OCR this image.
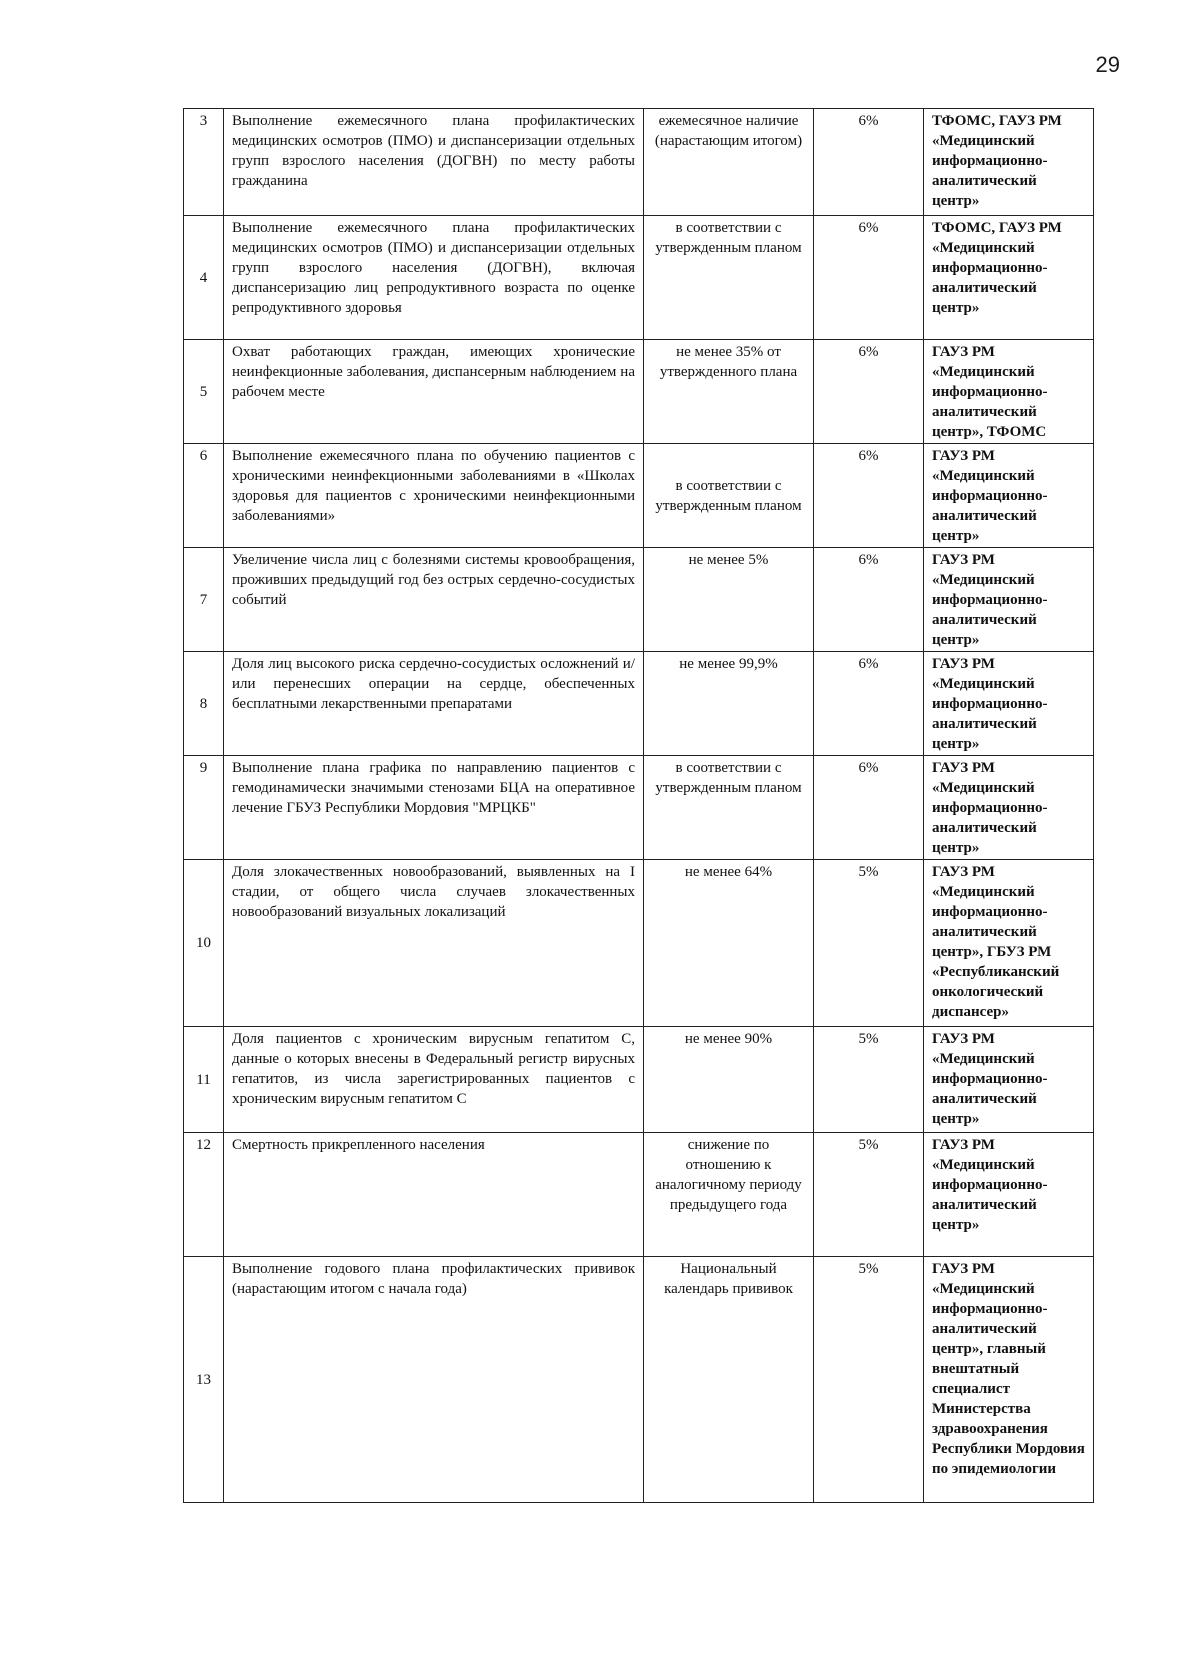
29
3	Выполнение ежемесячного плана профилактических медицинских осмотров (ПМО) и диспансеризации отдельных групп взрослого населения (ДОГВН) по месту работы гражданина	ежемесячное наличие (нарастающим итогом)	6%	ТФОМС, ГАУЗ РМ «Медицинский информационно-аналитический центр»
4	Выполнение ежемесячного плана профилактических медицинских осмотров (ПМО) и диспансеризации отдельных групп взрослого населения (ДОГВН), включая диспансеризацию лиц репродуктивного возраста по оценке репродуктивного здоровья	в соответствии с утвержденным планом	6%	ТФОМС, ГАУЗ РМ «Медицинский информационно-аналитический центр»
5	Охват работающих граждан, имеющих хронические неинфекционные заболевания, диспансерным наблюдением на рабочем месте	не менее 35% от утвержденного плана	6%	ГАУЗ РМ «Медицинский информационно-аналитический центр», ТФОМС
6	Выполнение ежемесячного плана по обучению пациентов с хроническими неинфекционными заболеваниями в «Школах здоровья для пациентов с хроническими неинфекционными заболеваниями»	в соответствии с утвержденным планом	6%	ГАУЗ РМ «Медицинский информационно-аналитический центр»
7	Увеличение числа лиц с болезнями системы кровообращения, проживших предыдущий год без острых сердечно-сосудистых событий	не менее 5%	6%	ГАУЗ РМ «Медицинский информационно-аналитический центр»
8	Доля лиц высокого риска сердечно-сосудистых осложнений и/или перенесших операции на сердце, обеспеченных бесплатными лекарственными препаратами	не менее 99,9%	6%	ГАУЗ РМ «Медицинский информационно-аналитический центр»
9	Выполнение плана графика по направлению пациентов с гемодинамически значимыми стенозами БЦА на оперативное лечение ГБУЗ Республики Мордовия "МРЦКБ"	в соответствии с утвержденным планом	6%	ГАУЗ РМ «Медицинский информационно-аналитический центр»
10	Доля злокачественных новообразований, выявленных на I стадии, от общего числа случаев злокачественных новообразований визуальных локализаций	не менее 64%	5%	ГАУЗ РМ «Медицинский информационно-аналитический центр», ГБУЗ РМ «Республиканский онкологический диспансер»
11	Доля пациентов с хроническим вирусным гепатитом С, данные о которых внесены в Федеральный регистр вирусных гепатитов, из числа зарегистрированных пациентов с хроническим вирусным гепатитом С	не менее 90%	5%	ГАУЗ РМ «Медицинский информационно-аналитический центр»
12	Смертность прикрепленного населения	снижение по отношению к аналогичному периоду предыдущего года	5%	ГАУЗ РМ «Медицинский информационно-аналитический центр»
13	Выполнение годового плана профилактических прививок (нарастающим итогом с начала года)	Национальный календарь прививок	5%	ГАУЗ РМ «Медицинский информационно-аналитический центр», главный внештатный специалист Министерства здравоохранения Республики Мордовия по эпидемиологии
